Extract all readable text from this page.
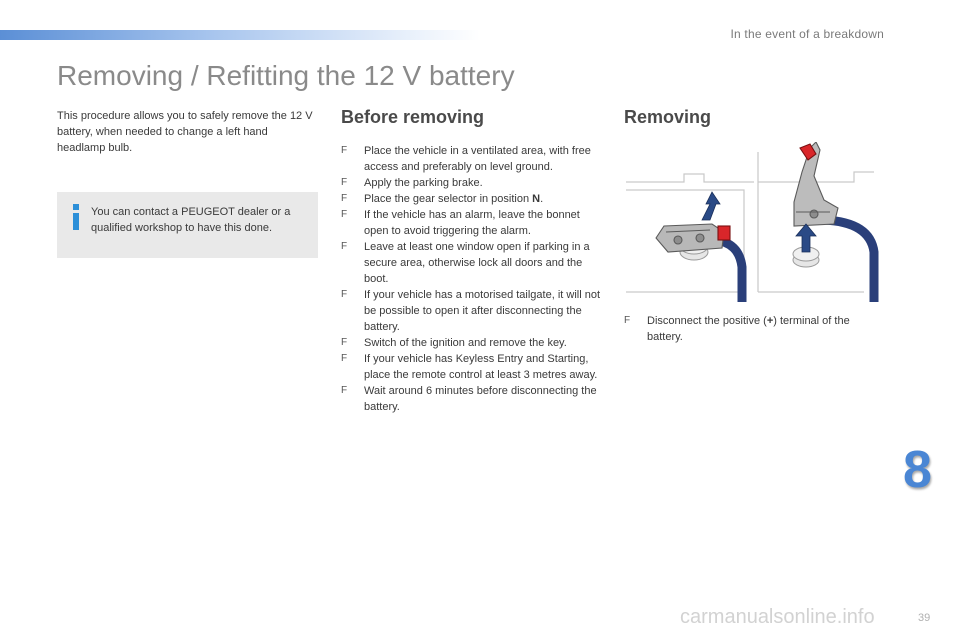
In the event of a breakdown
Removing / Refitting the 12 V battery

This procedure allows you to safely remove the 12 V battery, when needed to change a left hand headlamp bulb.

You can contact a PEUGEOT dealer or a qualified workshop to have this done.
Before removing
F Place the vehicle in a ventilated area, with free access and preferably on level ground.
F Apply the parking brake.
F Place the gear selector in position N.
F If the vehicle has an alarm, leave the bonnet open to avoid triggering the alarm.
F Leave at least one window open if parking in a secure area, otherwise lock all doors and the boot.
F If your vehicle has a motorised tailgate, it will not be possible to open it after disconnecting the battery.
F Switch of the ignition and remove the key.
F If your vehicle has Keyless Entry and Starting, place the remote control at least 3 metres away.
F Wait around 6 minutes before disconnecting the battery.
Removing
F Disconnect the positive (+) terminal of the battery.
8
39
carmanualsonline.info
